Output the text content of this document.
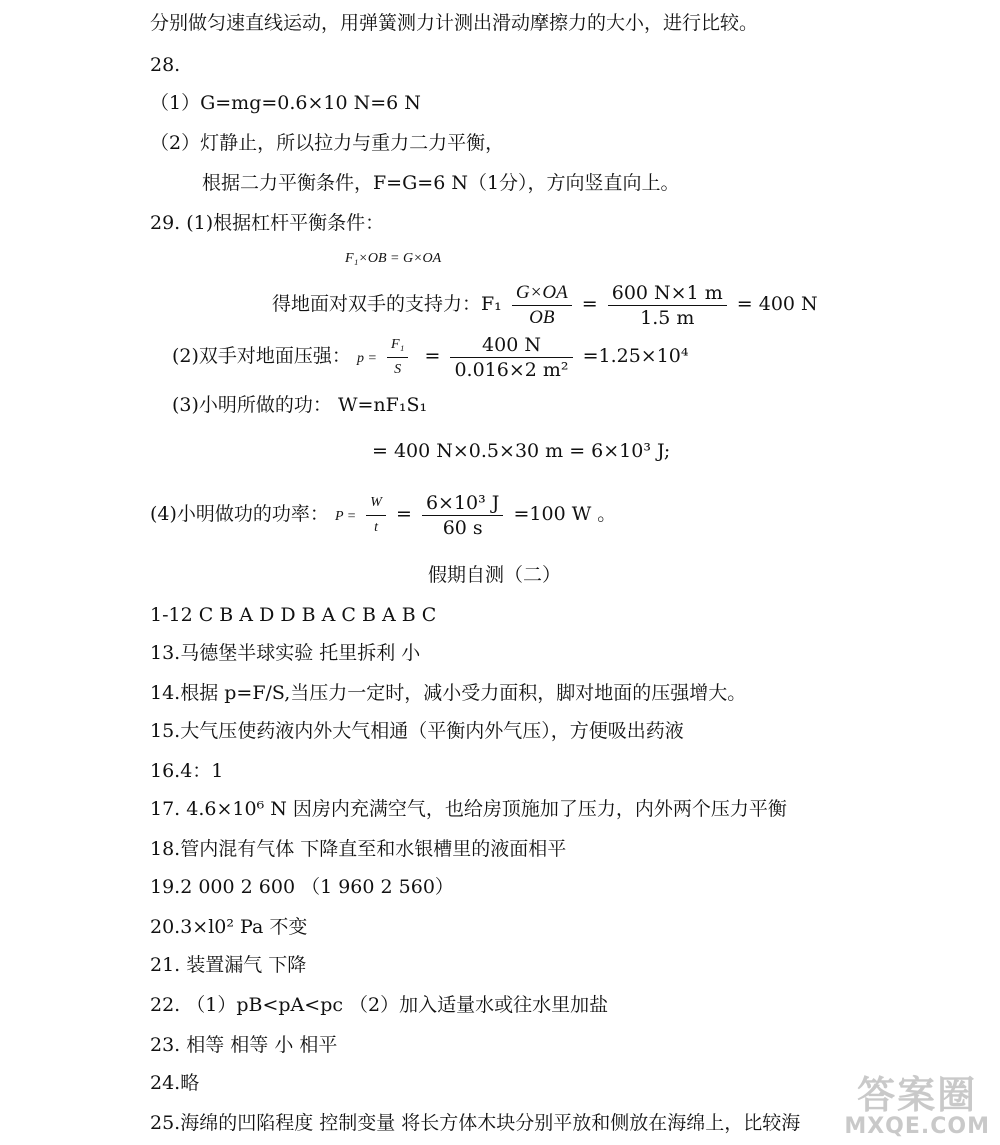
分别做匀速直线运动，用弹簧测力计测出滑动摩擦力的大小，进行比较。
28.
（1）G=mg=0.6×10 N=6 N
（2）灯静止，所以拉力与重力二力平衡，
根据二力平衡条件，F=G=6 N（1分），方向竖直向上。
29. (1)根据杠杆平衡条件：
F₁×OB = G×OA
得地面对双手的支持力：$F_1 \frac{G\times OA}{OB} = \frac{600 N\times 1 m}{1.5 m} = 400$ N
(2)双手对地面压强： $p = \frac{\text{F₁}}{S} = \frac{400 N}{\text{0.016×2 m²}} =1.25\times 10^4$
(3)小明所做的功： W=nF₁S₁
= 400 N×0.5×30 m = 6×10³ J;
(4)小明做功的功率： $P = \frac{W}{t} = \frac{\text{6×10³ J}}{60 s} =100$ W 。
假期自测（二）
1-12 C B A D D B A C B A B C
13.马德堡半球实验 托里拆利 小
14.根据 p=F/S,当压力一定时，减小受力面积，脚对地面的压强增大。
15.大气压使药液内外大气相通（平衡内外气压），方便吸出药液
16.4：1
17. 4.6×10⁶ N 因房内充满空气，也给房顶施加了压力，内外两个压力平衡
18.管内混有气体 下降直至和水银槽里的液面相平
19.2 000 2 600 （1 960 2 560）
20.3×l0² Pa 不变
21. 装置漏气 下降
22. （1）pB<pA<pc （2）加入适量水或往水里加盐
23. 相等 相等 小 相平
24.略
25.海绵的凹陷程度 控制变量 将长方体木块分别平放和侧放在海绵上，比较海
答案圈
MXQE.COM
